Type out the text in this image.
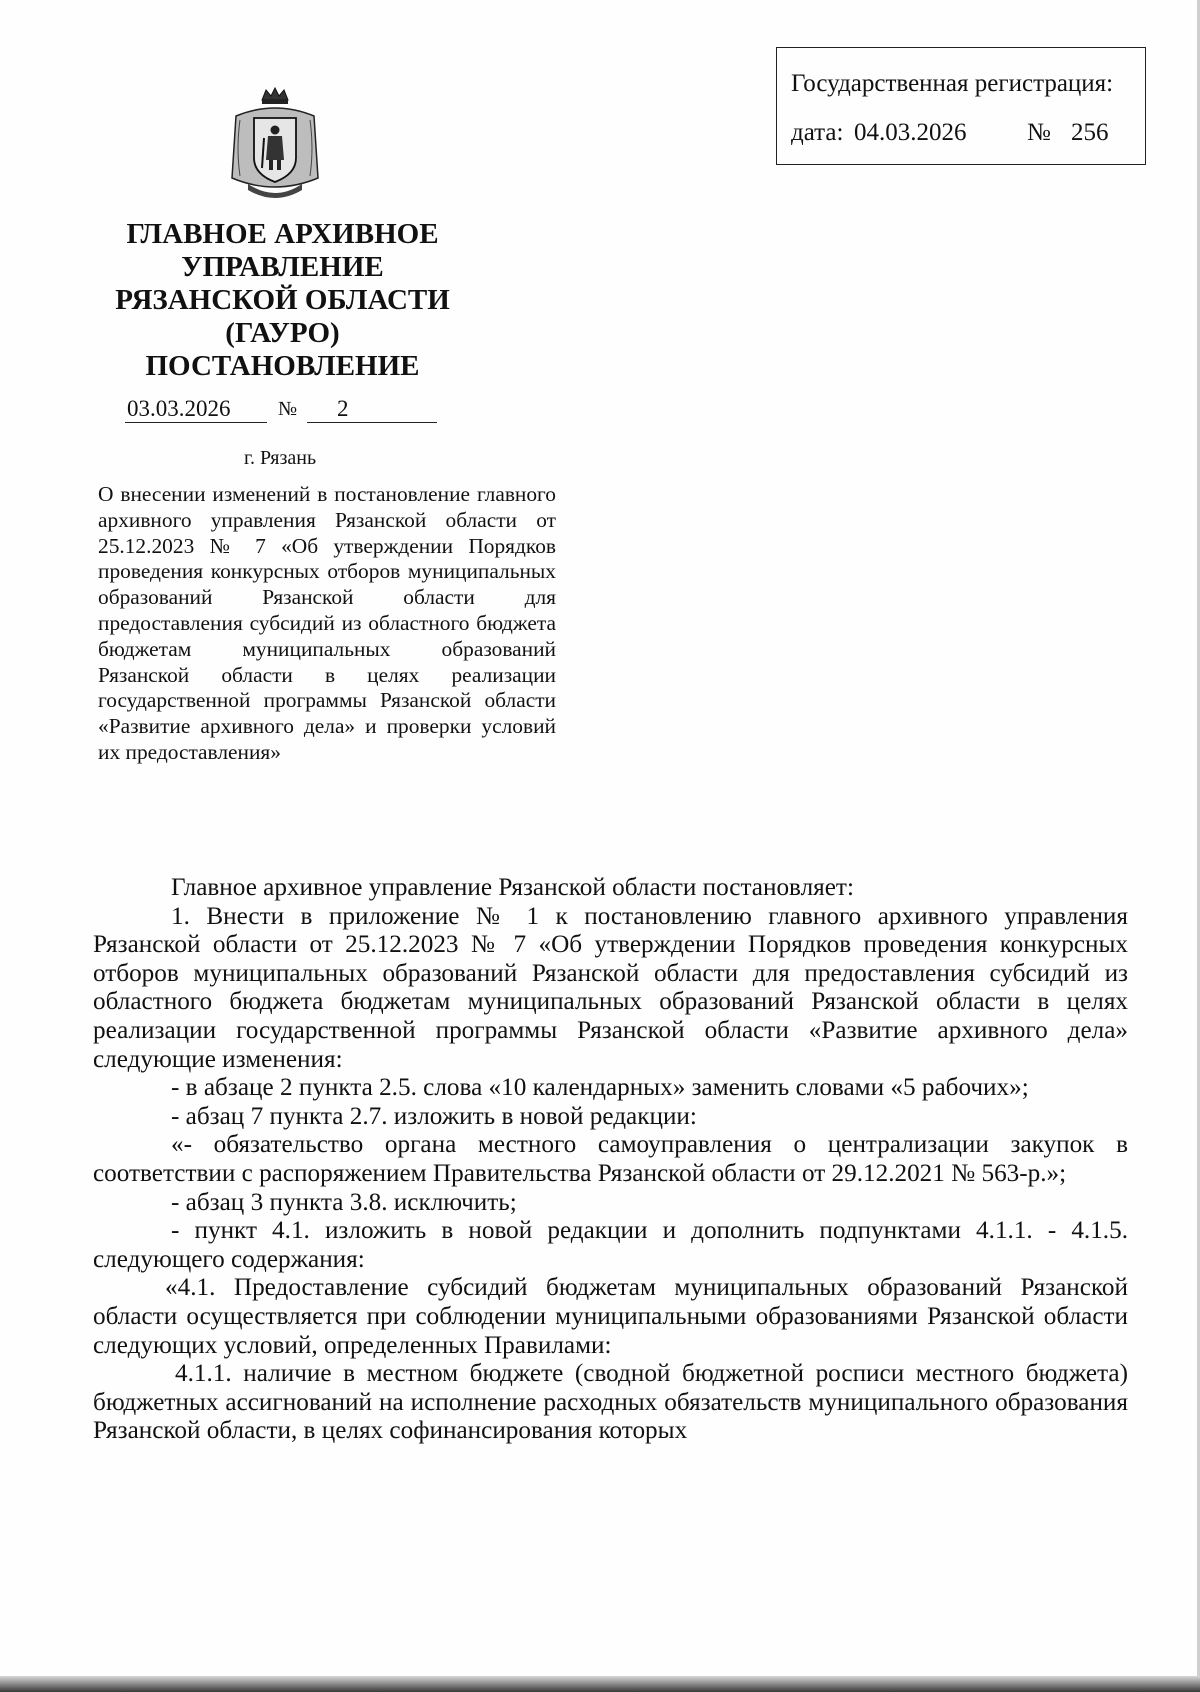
Государственная регистрация:
дата: 04.03.2026 № 256
ГЛАВНОЕ АРХИВНОЕ
УПРАВЛЕНИЕ
РЯЗАНСКОЙ ОБЛАСТИ
(ГАУРО)
ПОСТАНОВЛЕНИЕ
03.03.2026	№	2
г. Рязань
О внесении изменений в постановление главного архивного управления Рязанской области от 25.12.2023 № 7 «Об утверждении Порядков проведения конкурсных отборов муниципальных образований Рязанской области для предоставления субсидий из областного бюджета бюджетам муниципальных образований Рязанской области в целях реализации государственной программы Рязанской области «Развитие архивного дела» и проверки условий их предоставления»

Главное архивное управление Рязанской области постановляет:

1. Внести в приложение № 1 к постановлению главного архивного управления Рязанской области от 25.12.2023 № 7 «Об утверждении Порядков проведения конкурсных отборов муниципальных образований Рязанской области для предоставления субсидий из областного бюджета бюджетам муниципальных образований Рязанской области в целях реализации государственной программы Рязанской области «Развитие архивного дела» следующие изменения:

- в абзаце 2 пункта 2.5. слова «10 календарных» заменить словами «5 рабочих»;

- абзац 7 пункта 2.7. изложить в новой редакции:

«- обязательство органа местного самоуправления о централизации закупок в соответствии с распоряжением Правительства Рязанской области от 29.12.2021 № 563-р.»;

- абзац 3 пункта 3.8. исключить;

- пункт 4.1. изложить в новой редакции и дополнить подпунктами 4.1.1. - 4.1.5. следующего содержания:

«4.1. Предоставление субсидий бюджетам муниципальных образований Рязанской области осуществляется при соблюдении муниципальными образованиями Рязанской области следующих условий, определенных Правилами:

4.1.1. наличие в местном бюджете (сводной бюджетной росписи местного бюджета) бюджетных ассигнований на исполнение расходных обязательств муниципального образования Рязанской области, в целях софинансирования которых
